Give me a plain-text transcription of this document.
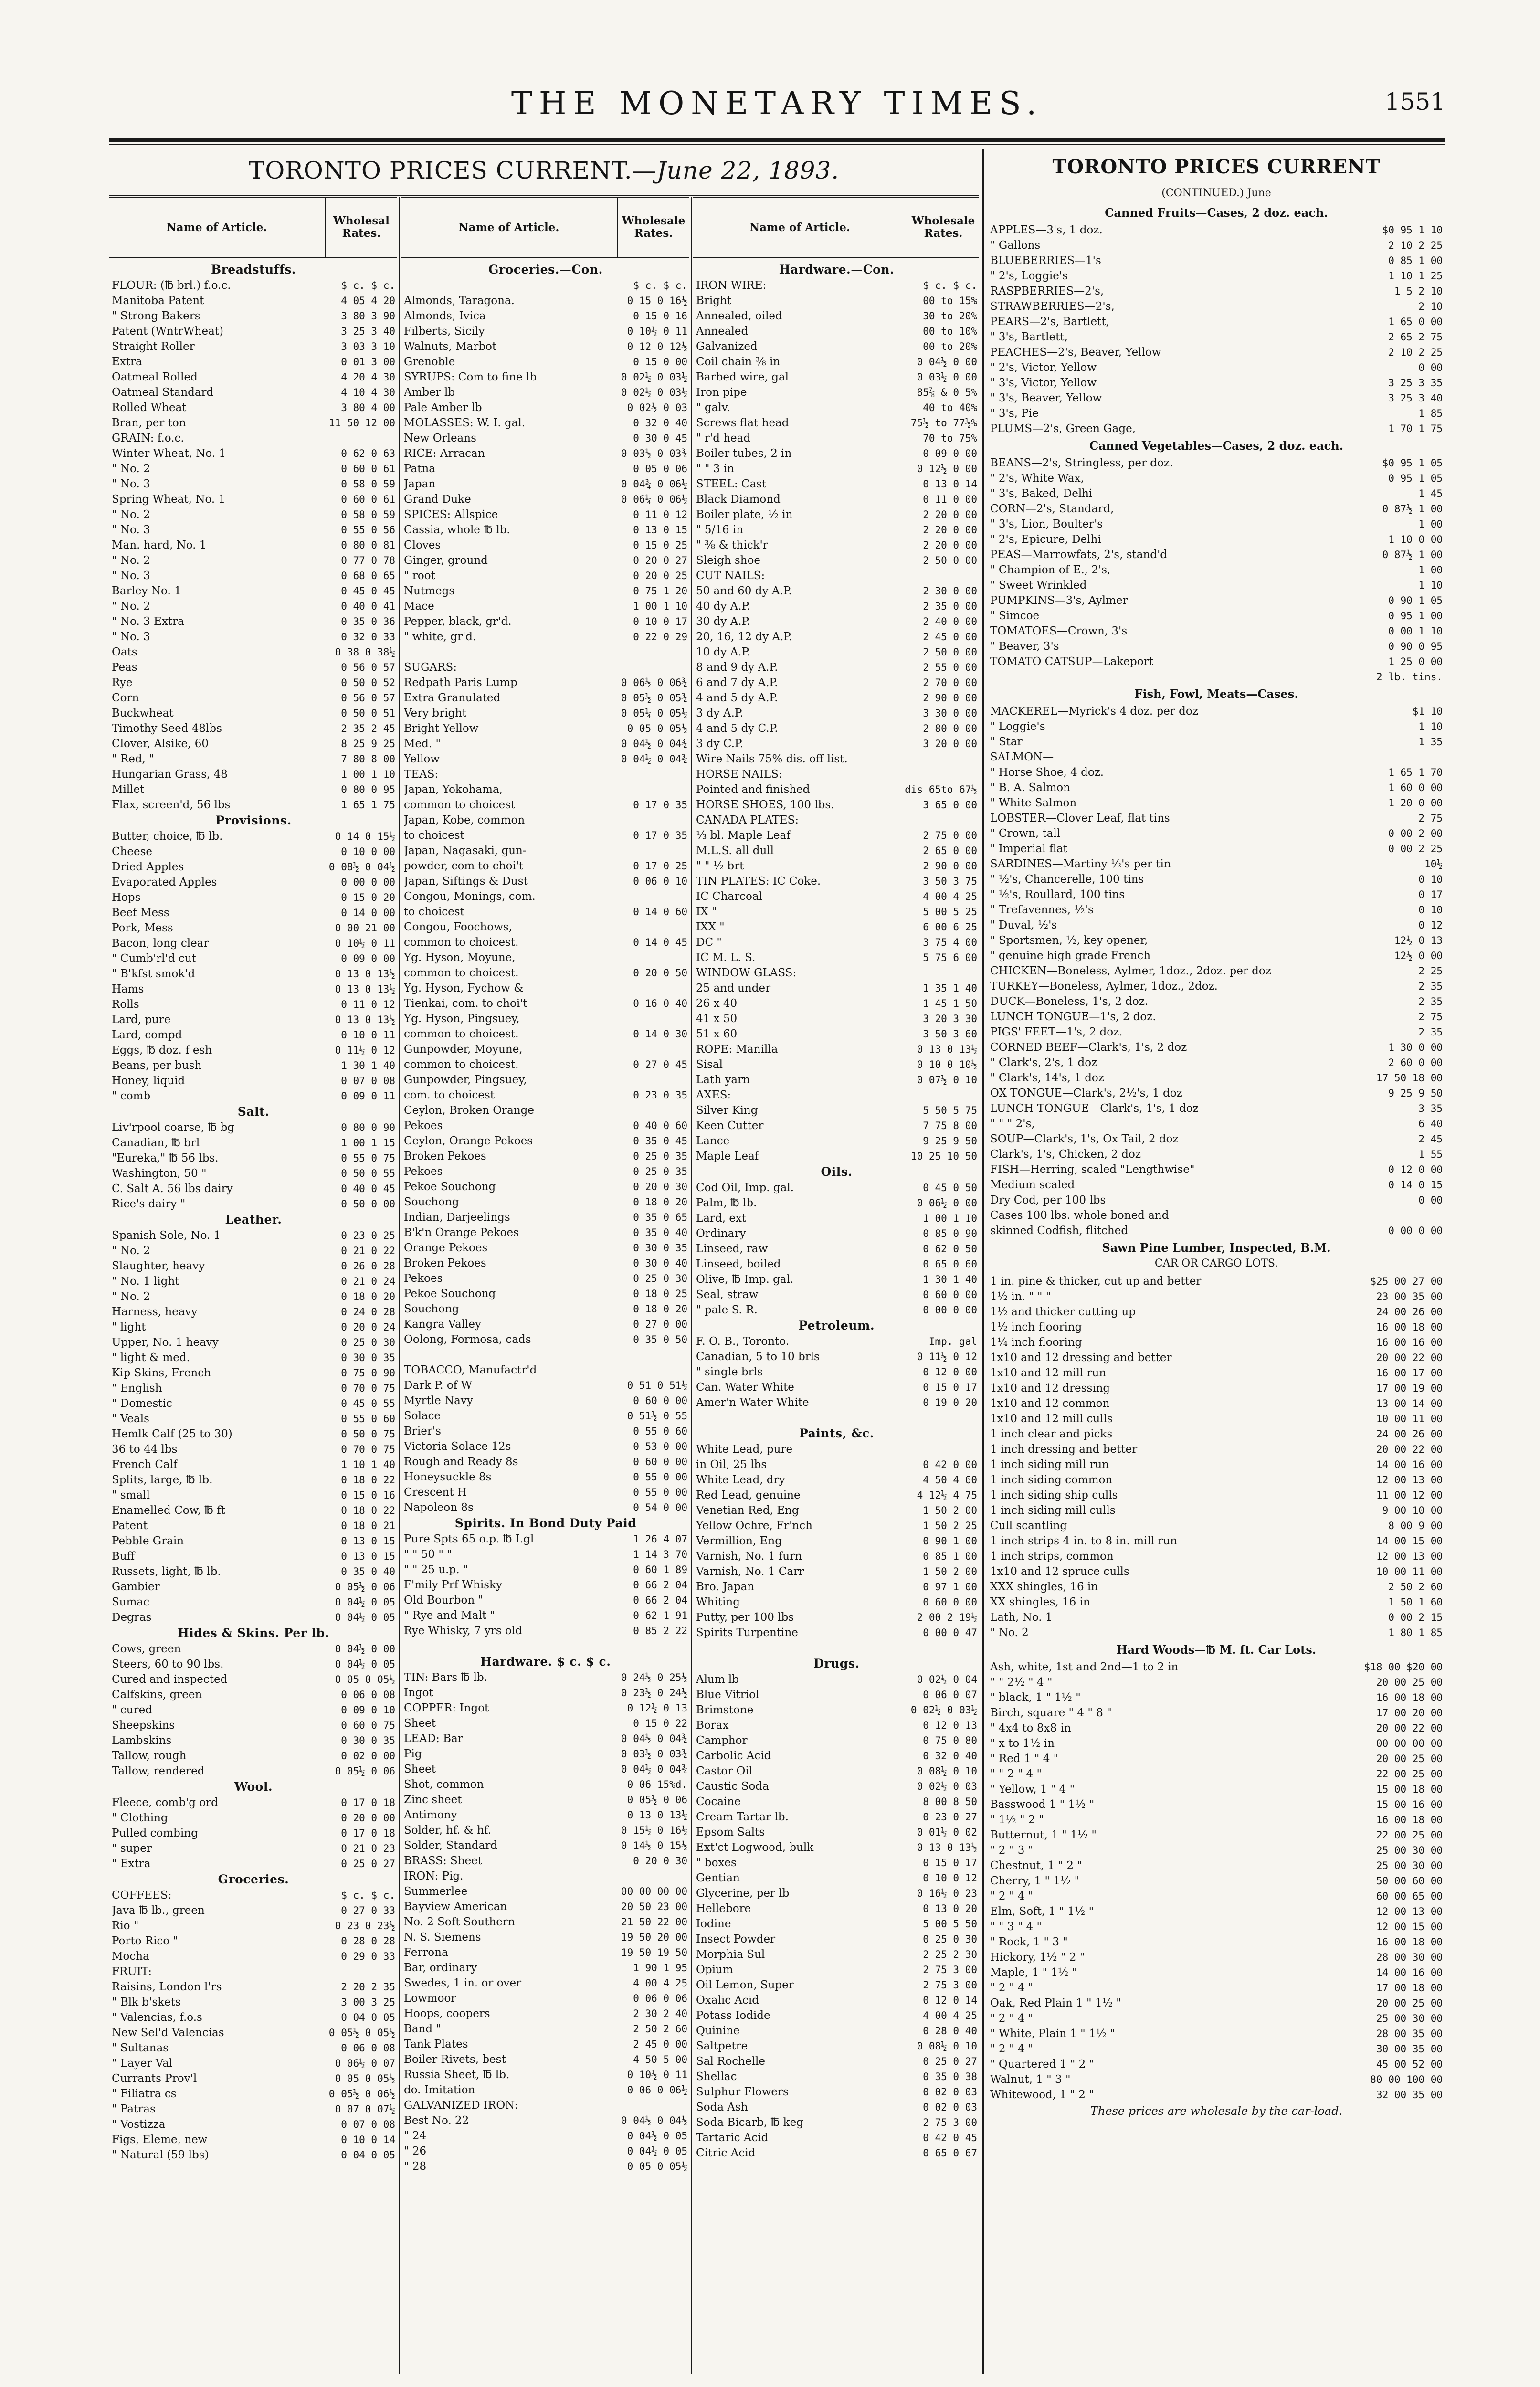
THE MONETARY TIMES.	1551
TORONTO PRICES CURRENT.—June 22, 1893.
Name of Article.
Wholesal Rates.
Breadstuffs.
FLOUR: (℔ brl.) f.o.c.	$ c. $ c.
Manitoba Patent	4 05 4 20
" Strong Bakers	3 80 3 90
Patent (WntrWheat)	3 25 3 40
Straight Roller	3 03 3 10
Extra	0 01 3 00
Oatmeal Rolled	4 20 4 30
Oatmeal Standard	4 10 4 30
Rolled Wheat	3 80 4 00
Bran, per ton	11 50 12 00
GRAIN: f.o.c.
Winter Wheat, No. 1	0 62 0 63
" No. 2	0 60 0 61
" No. 3	0 58 0 59
Spring Wheat, No. 1	0 60 0 61
" No. 2	0 58 0 59
" No. 3	0 55 0 56
Man. hard, No. 1	0 80 0 81
" No. 2	0 77 0 78
" No. 3	0 68 0 65
Barley No. 1	0 45 0 45
" No. 2	0 40 0 41
" No. 3 Extra	0 35 0 36
" No. 3	0 32 0 33
Oats	0 38 0 38½
Peas	0 56 0 57
Rye	0 50 0 52
Corn	0 56 0 57
Buckwheat	0 50 0 51
Timothy Seed 48lbs	2 35 2 45
Clover, Alsike, 60	8 25 9 25
" Red, "	7 80 8 00
Hungarian Grass, 48	1 00 1 10
Millet	0 80 0 95
Flax, screen'd, 56 lbs	1 65 1 75
Provisions.
Butter, choice, ℔ lb.	0 14 0 15½
Cheese	0 10 0 00
Dried Apples	0 08½ 0 04½
Evaporated Apples	0 00 0 00
Hops	0 15 0 20
Beef Mess	0 14 0 00
Pork, Mess	0 00 21 00
Bacon, long clear	0 10½ 0 11
" Cumb'rl'd cut	0 09 0 00
" B'kfst smok'd	0 13 0 13½
Hams	0 13 0 13½
Rolls	0 11 0 12
Lard, pure	0 13 0 13½
Lard, compd	0 10 0 11
Eggs, ℔ doz. f esh	0 11½ 0 12
Beans, per bush	1 30 1 40
Honey, liquid	0 07 0 08
" comb	0 09 0 11
Salt.
Liv'rpool coarse, ℔ bg	0 80 0 90
Canadian, ℔ brl	1 00 1 15
"Eureka," ℔ 56 lbs.	0 55 0 75
Washington, 50 "	0 50 0 55
C. Salt A. 56 lbs dairy	0 40 0 45
Rice's dairy "	0 50 0 00
Leather.
Spanish Sole, No. 1	0 23 0 25
" No. 2	0 21 0 22
Slaughter, heavy	0 26 0 28
" No. 1 light	0 21 0 24
" No. 2	0 18 0 20
Harness, heavy	0 24 0 28
" light	0 20 0 24
Upper, No. 1 heavy	0 25 0 30
" light & med.	0 30 0 35
Kip Skins, French	0 75 0 90
" English	0 70 0 75
" Domestic	0 45 0 55
" Veals	0 55 0 60
Hemlk Calf (25 to 30)	0 50 0 75
36 to 44 lbs	0 70 0 75
French Calf	1 10 1 40
Splits, large, ℔ lb.	0 18 0 22
" small	0 15 0 16
Enamelled Cow, ℔ ft	0 18 0 22
Patent	0 18 0 21
Pebble Grain	0 13 0 15
Buff	0 13 0 15
Russets, light, ℔ lb.	0 35 0 40
Gambier	0 05½ 0 06
Sumac	0 04½ 0 05
Degras	0 04½ 0 05
Hides & Skins. Per lb.
Cows, green	0 04½ 0 00
Steers, 60 to 90 lbs.	0 04½ 0 05
Cured and inspected	0 05 0 05½
Calfskins, green	0 06 0 08
" cured	0 09 0 10
Sheepskins	0 60 0 75
Lambskins	0 30 0 35
Tallow, rough	0 02 0 00
Tallow, rendered	0 05½ 0 06
Wool.
Fleece, comb'g ord	0 17 0 18
" Clothing	0 20 0 00
Pulled combing	0 17 0 18
" super	0 21 0 23
" Extra	0 25 0 27
Groceries.
COFFEES:	$ c. $ c.
Java ℔ lb., green	0 27 0 33
Rio "	0 23 0 23½
Porto Rico "	0 28 0 28
Mocha	0 29 0 33
FRUIT:
Raisins, London l'rs	2 20 2 35
" Blk b'skets	3 00 3 25
" Valencias, f.o.s	0 04 0 05
New Sel'd Valencias	0 05½ 0 05½
" Sultanas	0 06 0 08
" Layer Val	0 06½ 0 07
Currants Prov'l	0 05 0 05½
" Filiatra cs	0 05½ 0 06½
" Patras	0 07 0 07½
" Vostizza	0 07 0 08
Figs, Eleme, new	0 10 0 14
" Natural (59 lbs)	0 04 0 05
Name of Article.
Wholesale Rates.
Groceries.—Con.
$ c. $ c.
Almonds, Taragona.	0 15 0 16½
Almonds, Ivica	0 15 0 16
Filberts, Sicily	0 10½ 0 11
Walnuts, Marbot	0 12 0 12½
Grenoble	0 15 0 00
SYRUPS: Com to fine lb	0 02½ 0 03½
Amber lb	0 02½ 0 03½
Pale Amber lb	0 02½ 0 03
MOLASSES: W. I. gal.	0 32 0 40
New Orleans	0 30 0 45
RICE: Arracan	0 03½ 0 03¾
Patna	0 05 0 06
Japan	0 04¾ 0 06½
Grand Duke	0 06¼ 0 06½
SPICES: Allspice	0 11 0 12
Cassia, whole ℔ lb.	0 13 0 15
Cloves	0 15 0 25
Ginger, ground	0 20 0 27
" root	0 20 0 25
Nutmegs	0 75 1 20
Mace	1 00 1 10
Pepper, black, gr'd.	0 10 0 17
" white, gr'd.	0 22 0 29
SUGARS:
Redpath Paris Lump	0 06½ 0 06¾
Extra Granulated	0 05½ 0 05¾
Very bright	0 05¼ 0 05½
Bright Yellow	0 05 0 05½
Med. "	0 04½ 0 04¾
Yellow	0 04½ 0 04¾
TEAS:
Japan, Yokohama,
common to choicest	0 17 0 35
Japan, Kobe, common
to choicest	0 17 0 35
Japan, Nagasaki, gun-
powder, com to choi't	0 17 0 25
Japan, Siftings & Dust	0 06 0 10
Congou, Monings, com.
to choicest	0 14 0 60
Congou, Foochows,
common to choicest.	0 14 0 45
Yg. Hyson, Moyune,
common to choicest.	0 20 0 50
Yg. Hyson, Fychow &
Tienkai, com. to choi't	0 16 0 40
Yg. Hyson, Pingsuey,
common to choicest.	0 14 0 30
Gunpowder, Moyune,
common to choicest.	0 27 0 45
Gunpowder, Pingsuey,
com. to choicest	0 23 0 35
Ceylon, Broken Orange
Pekoes	0 40 0 60
Ceylon, Orange Pekoes	0 35 0 45
Broken Pekoes	0 25 0 35
Pekoes	0 25 0 35
Pekoe Souchong	0 20 0 30
Souchong	0 18 0 20
Indian, Darjeelings	0 35 0 65
B'k'n Orange Pekoes	0 35 0 40
Orange Pekoes	0 30 0 35
Broken Pekoes	0 30 0 40
Pekoes	0 25 0 30
Pekoe Souchong	0 18 0 25
Souchong	0 18 0 20
Kangra Valley	0 27 0 00
Oolong, Formosa, cads	0 35 0 50
TOBACCO, Manufactr'd
Dark P. of W	0 51 0 51½
Myrtle Navy	0 60 0 00
Solace	0 51½ 0 55
Brier's	0 55 0 60
Victoria Solace 12s	0 53 0 00
Rough and Ready 8s	0 60 0 00
Honeysuckle 8s	0 55 0 00
Crescent H	0 55 0 00
Napoleon 8s	0 54 0 00
Spirits. In Bond Duty Paid
Pure Spts 65 o.p. ℔ I.gl	1 26 4 07
" " 50 " "	1 14 3 70
" " 25 u.p. "	0 60 1 89
F'mily Prf Whisky	0 66 2 04
Old Bourbon "	0 66 2 04
" Rye and Malt "	0 62 1 91
Rye Whisky, 7 yrs old	0 85 2 22
Hardware. $ c. $ c.
TIN: Bars ℔ lb.	0 24½ 0 25½
Ingot	0 23½ 0 24½
COPPER: Ingot	0 12½ 0 13
Sheet	0 15 0 22
LEAD: Bar	0 04½ 0 04¾
Pig	0 03½ 0 03¾
Sheet	0 04½ 0 04¾
Shot, common	0 06 15%d.
Zinc sheet	0 05½ 0 06
Antimony	0 13 0 13½
Solder, hf. & hf.	0 15½ 0 16½
Solder, Standard	0 14½ 0 15½
BRASS: Sheet	0 20 0 30
IRON: Pig.
Summerlee	00 00 00 00
Bayview American	20 50 23 00
No. 2 Soft Southern	21 50 22 00
N. S. Siemens	19 50 20 00
Ferrona	19 50 19 50
Bar, ordinary	1 90 1 95
Swedes, 1 in. or over	4 00 4 25
Lowmoor	0 06 0 06
Hoops, coopers	2 30 2 40
Band "	2 50 2 60
Tank Plates	2 45 0 00
Boiler Rivets, best	4 50 5 00
Russia Sheet, ℔ lb.	0 10½ 0 11
do. Imitation	0 06 0 06½
GALVANIZED IRON:
Best No. 22	0 04½ 0 04½
" 24	0 04½ 0 05
" 26	0 04½ 0 05
" 28	0 05 0 05½
Name of Article.
Wholesale Rates.
Hardware.—Con.
IRON WIRE:	$ c. $ c.
Bright	00 to 15%
Annealed, oiled	30 to 20%
Annealed	00 to 10%
Galvanized	00 to 20%
Coil chain ⅜ in	0 04½ 0 00
Barbed wire, gal	0 03½ 0 00
Iron pipe	85⅞ & 0 5%
" galv.	40 to 40%
Screws flat head	75½ to 77½%
" r'd head	70 to 75%
Boiler tubes, 2 in	0 09 0 00
" " 3 in	0 12½ 0 00
STEEL: Cast	0 13 0 14
Black Diamond	0 11 0 00
Boiler plate, ½ in	2 20 0 00
" 5/16 in	2 20 0 00
" ⅜ & thick'r	2 20 0 00
Sleigh shoe	2 50 0 00
CUT NAILS:
50 and 60 dy A.P.	2 30 0 00
40 dy A.P.	2 35 0 00
30 dy A.P.	2 40 0 00
20, 16, 12 dy A.P.	2 45 0 00
10 dy A.P.	2 50 0 00
8 and 9 dy A.P.	2 55 0 00
6 and 7 dy A.P.	2 70 0 00
4 and 5 dy A.P.	2 90 0 00
3 dy A.P.	3 30 0 00
4 and 5 dy C.P.	2 80 0 00
3 dy C.P.	3 20 0 00
Wire Nails 75% dis. off list.
HORSE NAILS:
Pointed and finished	dis 65to 67½
HORSE SHOES, 100 lbs.	3 65 0 00
CANADA PLATES:
⅓ bl. Maple Leaf	2 75 0 00
M.L.S. all dull	2 65 0 00
" " ½ brt	2 90 0 00
TIN PLATES: IC Coke.	3 50 3 75
IC Charcoal	4 00 4 25
IX "	5 00 5 25
IXX "	6 00 6 25
DC "	3 75 4 00
IC M. L. S.	5 75 6 00
WINDOW GLASS:
25 and under	1 35 1 40
26 x 40	1 45 1 50
41 x 50	3 20 3 30
51 x 60	3 50 3 60
ROPE: Manilla	0 13 0 13½
Sisal	0 10 0 10½
Lath yarn	0 07½ 0 10
AXES:
Silver King	5 50 5 75
Keen Cutter	7 75 8 00
Lance	9 25 9 50
Maple Leaf	10 25 10 50
Oils.
Cod Oil, Imp. gal.	0 45 0 50
Palm, ℔ lb.	0 06½ 0 00
Lard, ext	1 00 1 10
Ordinary	0 85 0 90
Linseed, raw	0 62 0 50
Linseed, boiled	0 65 0 60
Olive, ℔ Imp. gal.	1 30 1 40
Seal, straw	0 60 0 00
" pale S. R.	0 00 0 00
Petroleum.
F. O. B., Toronto.	Imp. gal
Canadian, 5 to 10 brls	0 11½ 0 12
" single brls	0 12 0 00
Can. Water White	0 15 0 17
Amer'n Water White	0 19 0 20
Paints, &c.
White Lead, pure
in Oil, 25 lbs	0 42 0 00
White Lead, dry	4 50 4 60
Red Lead, genuine	4 12½ 4 75
Venetian Red, Eng	1 50 2 00
Yellow Ochre, Fr'nch	1 50 2 25
Vermillion, Eng	0 90 1 00
Varnish, No. 1 furn	0 85 1 00
Varnish, No. 1 Carr	1 50 2 00
Bro. Japan	0 97 1 00
Whiting	0 60 0 00
Putty, per 100 lbs	2 00 2 19½
Spirits Turpentine	0 00 0 47
Drugs.
Alum lb	0 02½ 0 04
Blue Vitriol	0 06 0 07
Brimstone	0 02½ 0 03½
Borax	0 12 0 13
Camphor	0 75 0 80
Carbolic Acid	0 32 0 40
Castor Oil	0 08½ 0 10
Caustic Soda	0 02½ 0 03
Cocaine	8 00 8 50
Cream Tartar lb.	0 23 0 27
Epsom Salts	0 01½ 0 02
Ext'ct Logwood, bulk	0 13 0 13½
" boxes	0 15 0 17
Gentian	0 10 0 12
Glycerine, per lb	0 16½ 0 23
Hellebore	0 13 0 20
Iodine	5 00 5 50
Insect Powder	0 25 0 30
Morphia Sul	2 25 2 30
Opium	2 75 3 00
Oil Lemon, Super	2 75 3 00
Oxalic Acid	0 12 0 14
Potass Iodide	4 00 4 25
Quinine	0 28 0 40
Saltpetre	0 08½ 0 10
Sal Rochelle	0 25 0 27
Shellac	0 35 0 38
Sulphur Flowers	0 02 0 03
Soda Ash	0 02 0 03
Soda Bicarb, ℔ keg	2 75 3 00
Tartaric Acid	0 42 0 45
Citric Acid	0 65 0 67
TORONTO PRICES CURRENT
(CONTINUED.) June
Canned Fruits—Cases, 2 doz. each.
APPLES—3's, 1 doz.	$0 95 1 10
" Gallons	2 10 2 25
BLUEBERRIES—1's	0 85 1 00
" 2's, Loggie's	1 10 1 25
RASPBERRIES—2's,	1 5 2 10
STRAWBERRIES—2's,	2 10
PEARS—2's, Bartlett,	1 65 0 00
" 3's, Bartlett,	2 65 2 75
PEACHES—2's, Beaver, Yellow	2 10 2 25
" 2's, Victor, Yellow	0 00
" 3's, Victor, Yellow	3 25 3 35
" 3's, Beaver, Yellow	3 25 3 40
" 3's, Pie	1 85
PLUMS—2's, Green Gage,	1 70 1 75
Canned Vegetables—Cases, 2 doz. each.
BEANS—2's, Stringless, per doz.	$0 95 1 05
" 2's, White Wax,	0 95 1 05
" 3's, Baked, Delhi	1 45
CORN—2's, Standard,	0 87½ 1 00
" 3's, Lion, Boulter's	1 00
" 2's, Epicure, Delhi	1 10 0 00
PEAS—Marrowfats, 2's, stand'd	0 87½ 1 00
" Champion of E., 2's,	1 00
" Sweet Wrinkled	1 10
PUMPKINS—3's, Aylmer	0 90 1 05
" Simcoe	0 95 1 00
TOMATOES—Crown, 3's	0 00 1 10
" Beaver, 3's	0 90 0 95
TOMATO CATSUP—Lakeport	1 25 0 00
2 lb. tins.
Fish, Fowl, Meats—Cases.
MACKEREL—Myrick's 4 doz. per doz	$1 10
" Loggie's	1 10
" Star	1 35
SALMON—
" Horse Shoe, 4 doz.	1 65 1 70
" B. A. Salmon	1 60 0 00
" White Salmon	1 20 0 00
LOBSTER—Clover Leaf, flat tins	2 75
" Crown, tall	0 00 2 00
" Imperial flat	0 00 2 25
SARDINES—Martiny ½'s per tin	10½
" ½'s, Chancerelle, 100 tins	0 10
" ½'s, Roullard, 100 tins	0 17
" Trefavennes, ½'s	0 10
" Duval, ½'s	0 12
" Sportsmen, ½, key opener,	12½ 0 13
" genuine high grade French	12½ 0 00
CHICKEN—Boneless, Aylmer, 1doz., 2doz. per doz	2 25
TURKEY—Boneless, Aylmer, 1doz., 2doz.	2 35
DUCK—Boneless, 1's, 2 doz.	2 35
LUNCH TONGUE—1's, 2 doz.	2 75
PIGS' FEET—1's, 2 doz.	2 35
CORNED BEEF—Clark's, 1's, 2 doz	1 30 0 00
" Clark's, 2's, 1 doz	2 60 0 00
" Clark's, 14's, 1 doz	17 50 18 00
OX TONGUE—Clark's, 2½'s, 1 doz	9 25 9 50
LUNCH TONGUE—Clark's, 1's, 1 doz	3 35
" " " 2's,	6 40
SOUP—Clark's, 1's, Ox Tail, 2 doz	2 45
Clark's, 1's, Chicken, 2 doz	1 55
FISH—Herring, scaled "Lengthwise"	0 12 0 00
Medium scaled	0 14 0 15
Dry Cod, per 100 lbs	0 00
Cases 100 lbs. whole boned and
skinned Codfish, flitched	0 00 0 00
Sawn Pine Lumber, Inspected, B.M.
CAR OR CARGO LOTS.
1 in. pine & thicker, cut up and better	$25 00 27 00
1½ in. " " "	23 00 35 00
1½ and thicker cutting up	24 00 26 00
1½ inch flooring	16 00 18 00
1¼ inch flooring	16 00 16 00
1x10 and 12 dressing and better	20 00 22 00
1x10 and 12 mill run	16 00 17 00
1x10 and 12 dressing	17 00 19 00
1x10 and 12 common	13 00 14 00
1x10 and 12 mill culls	10 00 11 00
1 inch clear and picks	24 00 26 00
1 inch dressing and better	20 00 22 00
1 inch siding mill run	14 00 16 00
1 inch siding common	12 00 13 00
1 inch siding ship culls	11 00 12 00
1 inch siding mill culls	9 00 10 00
Cull scantling	8 00 9 00
1 inch strips 4 in. to 8 in. mill run	14 00 15 00
1 inch strips, common	12 00 13 00
1x10 and 12 spruce culls	10 00 11 00
XXX shingles, 16 in	2 50 2 60
XX shingles, 16 in	1 50 1 60
Lath, No. 1	0 00 2 15
" No. 2	1 80 1 85
Hard Woods—℔ M. ft. Car Lots.
Ash, white, 1st and 2nd—1 to 2 in	$18 00 $20 00
" " 2½ " 4 "	20 00 25 00
" black, 1 " 1½ "	16 00 18 00
Birch, square " 4 " 8 "	17 00 20 00
" 4x4 to 8x8 in	20 00 22 00
" x to 1½ in	00 00 00 00
" Red 1 " 4 "	20 00 25 00
" " 2 " 4 "	22 00 25 00
" Yellow, 1 " 4 "	15 00 18 00
Basswood 1 " 1½ "	15 00 16 00
" 1½ " 2 "	16 00 18 00
Butternut, 1 " 1½ "	22 00 25 00
" 2 " 3 "	25 00 30 00
Chestnut, 1 " 2 "	25 00 30 00
Cherry, 1 " 1½ "	50 00 60 00
" 2 " 4 "	60 00 65 00
Elm, Soft, 1 " 1½ "	12 00 13 00
" " 3 " 4 "	12 00 15 00
" Rock, 1 " 3 "	16 00 18 00
Hickory, 1½ " 2 "	28 00 30 00
Maple, 1 " 1½ "	14 00 16 00
" 2 " 4 "	17 00 18 00
Oak, Red Plain 1 " 1½ "	20 00 25 00
" 2 " 4 "	25 00 30 00
" White, Plain 1 " 1½ "	28 00 35 00
" 2 " 4 "	30 00 35 00
" Quartered 1 " 2 "	45 00 52 00
Walnut, 1 " 3 "	80 00 100 00
Whitewood, 1 " 2 "	32 00 35 00
These prices are wholesale by the car-load.
